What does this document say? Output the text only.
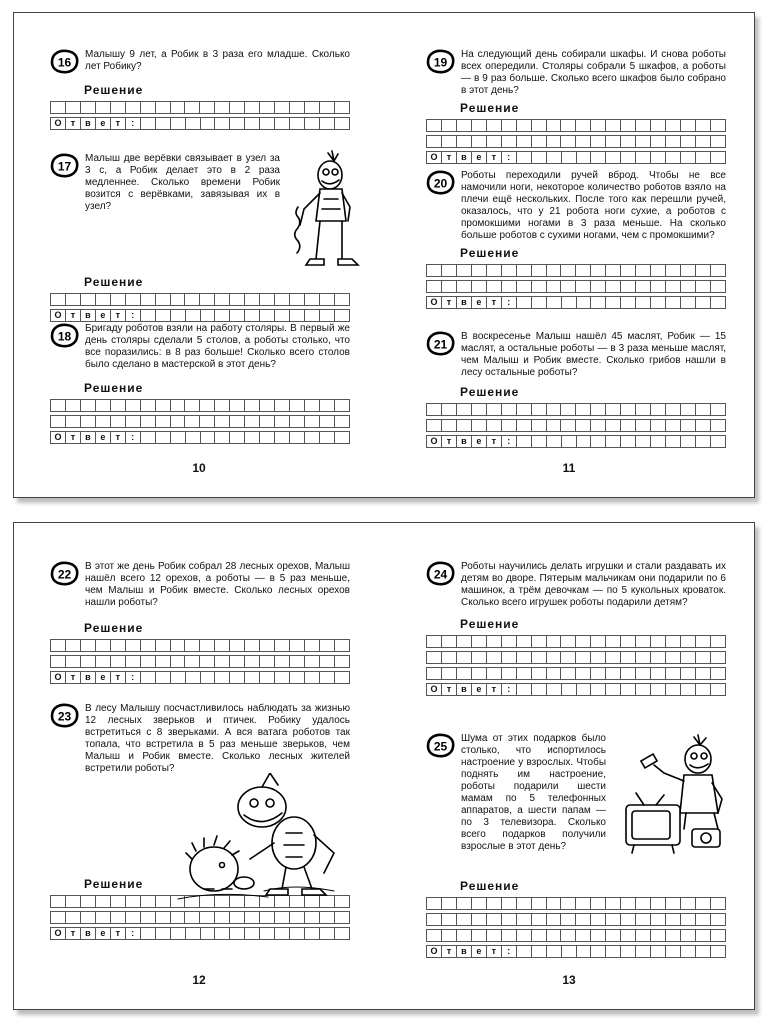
16
Малышу 9 лет, а Робик в 3 раза его младше. Сколько лет Робику?
Решение

О	т	в	е	т	:
17
Малыш две верёвки связывает в узел за 3 с, а Робик делает это в 2 раза медленнее. Сколько времени Робик возится с верёвками, завязывая их в узел?
Решение

О	т	в	е	т	:
18
Бригаду роботов взяли на работу столяры. В первый же день столяры сделали 5 столов, а роботы столько, что все поразились: в 8 раз больше! Сколько всего столов было сделано в мастерской в этот день?
Решение

О	т	в	е	т	:
10
19
На следующий день собирали шкафы. И снова роботы всех опередили. Столяры собрали 5 шкафов, а роботы — в 9 раз больше. Сколько всего шкафов было собрано в этот день?
Решение

О	т	в	е	т	:
20
Роботы переходили ручей вброд. Чтобы не все намочили ноги, некоторое количество роботов взяло на плечи ещё нескольких. После того как перешли ручей, оказалось, что у 21 робота ноги сухие, а роботов с промокшими ногами в 3 раза меньше. На сколько больше роботов с сухими ногами, чем с промокшими?
Решение

О	т	в	е	т	:
21
В воскресенье Малыш нашёл 45 маслят, Робик — 15 маслят, а остальные роботы — в 3 раза меньше маслят, чем Малыш и Робик вместе. Сколько грибов нашли в лесу остальные роботы?
Решение

О	т	в	е	т	:
11
22
В этот же день Робик собрал 28 лесных орехов, Малыш нашёл всего 12 орехов, а роботы — в 5 раз меньше, чем Малыш и Робик вместе. Сколько лесных орехов нашли роботы?
Решение

О	т	в	е	т	:
23
В лесу Малышу посчастливилось наблюдать за жизнью 12 лесных зверьков и птичек. Робику удалось встретиться с 8 зверьками. А вся ватага роботов так топала, что встретила в 5 раз меньше зверьков, чем Малыш и Робик вместе. Сколько лесных жителей встретили роботы?
Решение

О	т	в	е	т	:
12
24
Роботы научились делать игрушки и стали раздавать их детям во дворе. Пятерым мальчикам они подарили по 6 машинок, а трём девочкам — по 5 кукольных кроваток. Сколько всего игрушек роботы подарили детям?
Решение

О	т	в	е	т	:
25
Шума от этих подарков было столько, что испортилось настроение у взрослых. Чтобы поднять им настроение, роботы подарили шести мамам по 5 телефонных аппаратов, а шести папам — по 3 телевизора. Сколько всего подарков получили взрослые в этот день?
Решение

О	т	в	е	т	:
13
